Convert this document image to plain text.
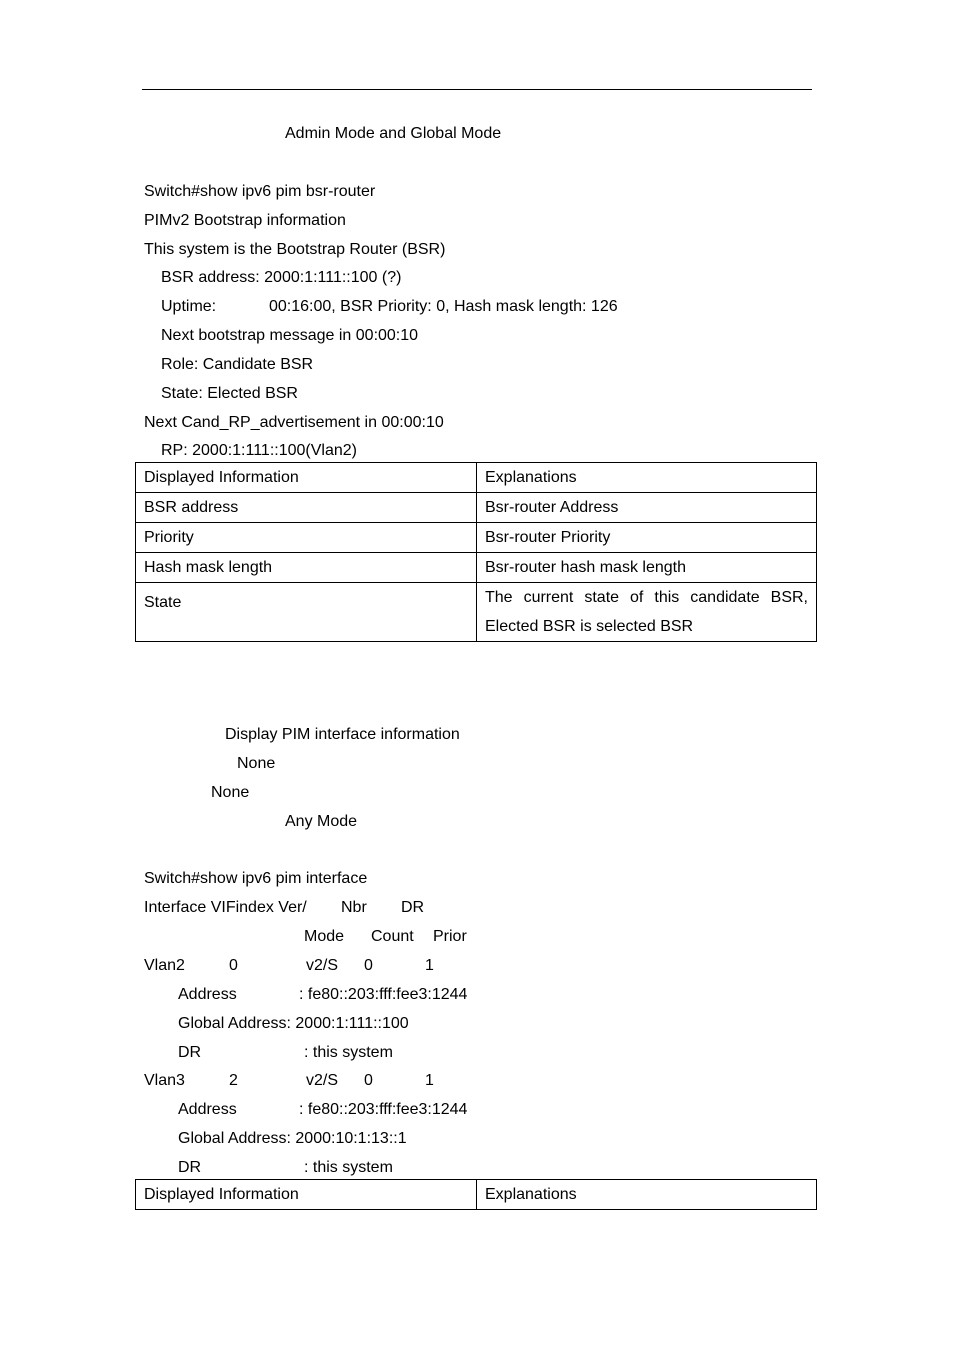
Admin Mode and Global Mode
Switch#show ipv6 pim bsr-router
PIMv2 Bootstrap information
This system is the Bootstrap Router (BSR)
BSR address: 2000:1:111::100 (?)
Uptime:	00:16:00, BSR Priority: 0, Hash mask length: 126
Next bootstrap message in 00:00:10
Role: Candidate BSR
State: Elected BSR
Next Cand_RP_advertisement in 00:00:10
RP: 2000:1:111::100(Vlan2)
Displayed Information	Explanations
BSR address	Bsr-router Address
Priority	Bsr-router Priority
Hash mask length	Bsr-router hash mask length
State	The current state of this candidate BSR, Elected BSR is selected BSR
Display PIM interface information
None
None
Any Mode
Switch#show ipv6 pim interface
Interface VIFindex Ver/ Nbr DR
Mode Count Prior
Vlan2	0	v2/S 0	1
Address	: fe80::203:fff:fee3:1244
Global Address: 2000:1:111::100
DR	: this system
Vlan3	2	v2/S 0	1
Address	: fe80::203:fff:fee3:1244
Global Address: 2000:10:1:13::1
DR	: this system
Displayed Information	Explanations
